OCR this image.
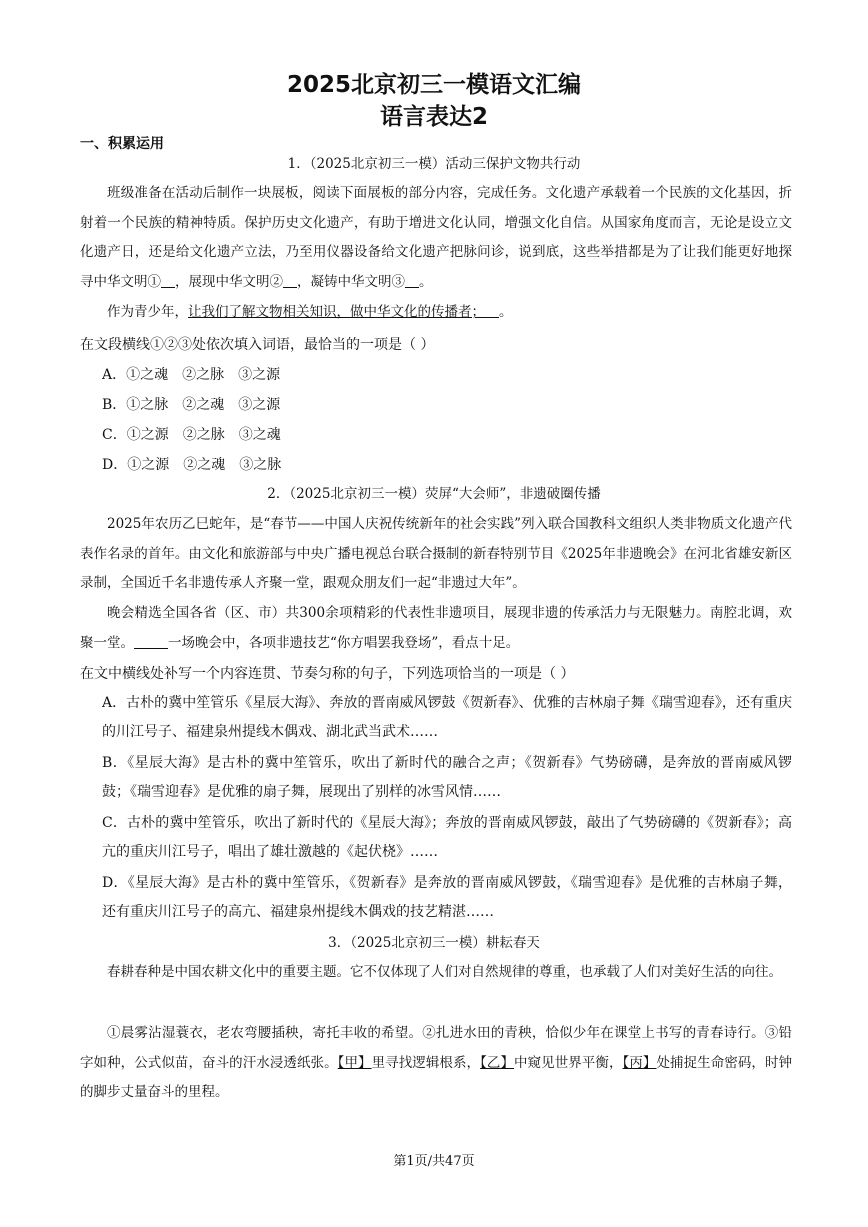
2025北京初三一模语文汇编
语言表达2
一、积累运用
1．（2025北京初三一模）活动三保护文物共行动

班级准备在活动后制作一块展板，阅读下面展板的部分内容，完成任务。文化遗产承载着一个民族的文化基因，折射着一个民族的精神特质。保护历史文化遗产，有助于增进文化认同，增强文化自信。从国家角度而言，无论是设立文化遗产日，还是给文化遗产立法，乃至用仪器设备给文化遗产把脉问诊，说到底，这些举措都是为了让我们能更好地探寻中华文明① ，展现中华文明② ，凝铸中华文明③ 。

作为青少年，让我们了解文物相关知识，做中华文化的传播者； 。

在文段横线①②③处依次填入词语，最恰当的一项是（ ）

A．①之魂　②之脉　③之源
B．①之脉　②之魂　③之源
C．①之源　②之脉　③之魂
D．①之源　②之魂　③之脉
2．（2025北京初三一模）荧屏“大会师”，非遗破圈传播

2025年农历乙巳蛇年，是“春节——中国人庆祝传统新年的社会实践”列入联合国教科文组织人类非物质文化遗产代表作名录的首年。由文化和旅游部与中央广播电视总台联合摄制的新春特别节目《2025年非遗晚会》在河北省雄安新区录制，全国近千名非遗传承人齐聚一堂，跟观众朋友们一起“非遗过大年”。

晚会精选全国各省（区、市）共300余项精彩的代表性非遗项目，展现非遗的传承活力与无限魅力。南腔北调，欢聚一堂。	一场晚会中，各项非遗技艺“你方唱罢我登场”，看点十足。

在文中横线处补写一个内容连贯、节奏匀称的句子，下列选项恰当的一项是（ ）

A．古朴的冀中笙管乐《星辰大海》、奔放的晋南威风锣鼓《贺新春》、优雅的吉林扇子舞《瑞雪迎春》，还有重庆的川江号子、福建泉州提线木偶戏、湖北武当武术……

B．《星辰大海》是古朴的冀中笙管乐，吹出了新时代的融合之声；《贺新春》气势磅礴，是奔放的晋南威风锣鼓；《瑞雪迎春》是优雅的扇子舞，展现出了别样的冰雪风情……

C．古朴的冀中笙管乐，吹出了新时代的《星辰大海》；奔放的晋南威风锣鼓，敲出了气势磅礴的《贺新春》；高亢的重庆川江号子，唱出了雄壮激越的《起伏桡》……

D．《星辰大海》是古朴的冀中笙管乐，《贺新春》是奔放的晋南威风锣鼓，《瑞雪迎春》是优雅的吉林扇子舞，还有重庆川江号子的高亢、福建泉州提线木偶戏的技艺精湛……

3．（2025北京初三一模）耕耘春天

春耕春种是中国农耕文化中的重要主题。它不仅体现了人们对自然规律的尊重，也承载了人们对美好生活的向往。

①晨雾沾湿蓑衣，老农弯腰插秧，寄托丰收的希望。②扎进水田的青秧，恰似少年在课堂上书写的青春诗行。③铅字如种，公式似苗，奋斗的汗水浸透纸张。【甲】里寻找逻辑根系，【乙】中窥见世界平衡，【丙】处捕捉生命密码，时钟的脚步丈量奋斗的里程。

第1页/共47页
